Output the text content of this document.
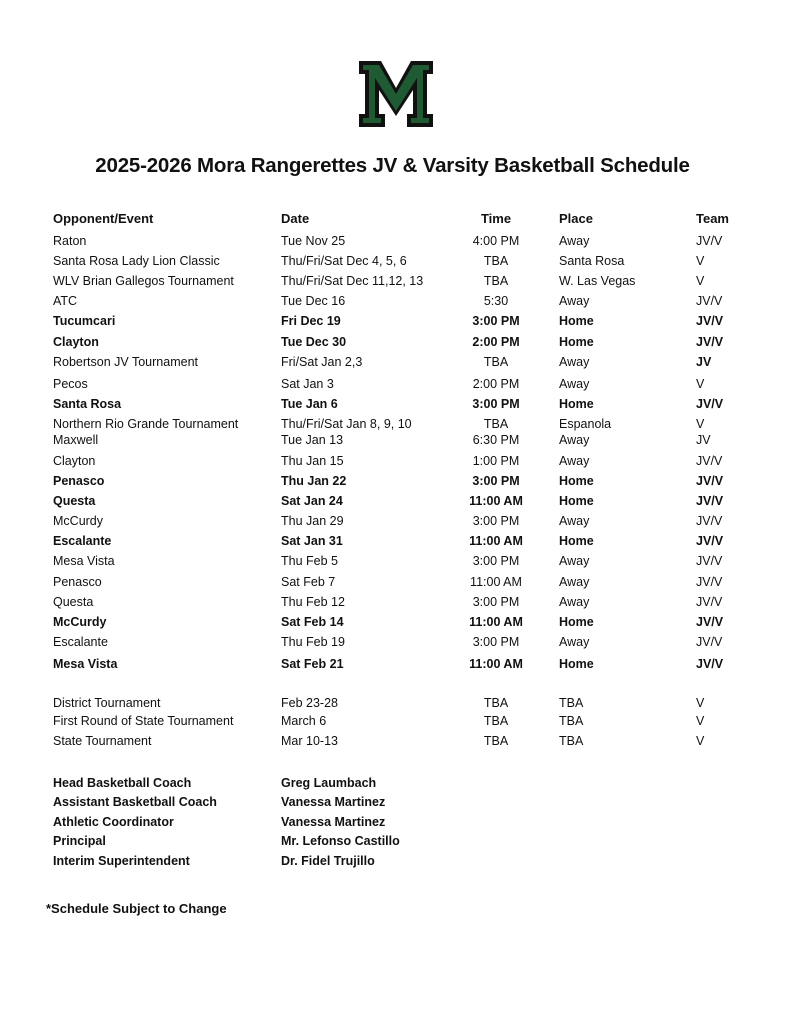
2025-2026 Mora Rangerettes JV & Varsity Basketball Schedule
Opponent/Event	Date	Time	Place	Team
Raton	Tue Nov 25	4:00 PM	Away	JV/V
Santa Rosa Lady Lion Classic	Thu/Fri/Sat Dec 4, 5, 6	TBA	Santa Rosa	V
WLV Brian Gallegos Tournament	Thu/Fri/Sat Dec 11,12, 13	TBA	W. Las Vegas	V
ATC	Tue Dec 16	5:30	Away	JV/V
Tucumcari	Fri Dec 19	3:00 PM	Home	JV/V
Clayton	Tue Dec 30	2:00 PM	Home	JV/V
Robertson JV Tournament	Fri/Sat Jan 2,3	TBA	Away	JV
Pecos	Sat Jan 3	2:00 PM	Away	V
Santa Rosa	Tue Jan 6	3:00 PM	Home	JV/V
Northern Rio Grande Tournament	Thu/Fri/Sat Jan 8, 9, 10	TBA	Espanola	V
Maxwell	Tue Jan 13	6:30 PM	Away	JV
Clayton	Thu Jan 15	1:00 PM	Away	JV/V
Penasco	Thu Jan 22	3:00 PM	Home	JV/V
Questa	Sat Jan 24	11:00 AM	Home	JV/V
McCurdy	Thu Jan 29	3:00 PM	Away	JV/V
Escalante	Sat Jan 31	11:00 AM	Home	JV/V
Mesa Vista	Thu Feb 5	3:00 PM	Away	JV/V
Penasco	Sat Feb 7	11:00 AM	Away	JV/V
Questa	Thu Feb 12	3:00 PM	Away	JV/V
McCurdy	Sat Feb 14	11:00 AM	Home	JV/V
Escalante	Thu Feb 19	3:00 PM	Away	JV/V
Mesa Vista	Sat Feb 21	11:00 AM	Home	JV/V
District Tournament	Feb 23-28	TBA	TBA	V
First Round of State Tournament	March 6	TBA	TBA	V
State Tournament	Mar 10-13	TBA	TBA	V
Head Basketball Coach	Greg Laumbach
Assistant Basketball Coach	Vanessa Martinez
Athletic Coordinator	Vanessa Martinez
Principal	Mr. Lefonso Castillo
Interim Superintendent	Dr. Fidel Trujillo
*Schedule Subject to Change
